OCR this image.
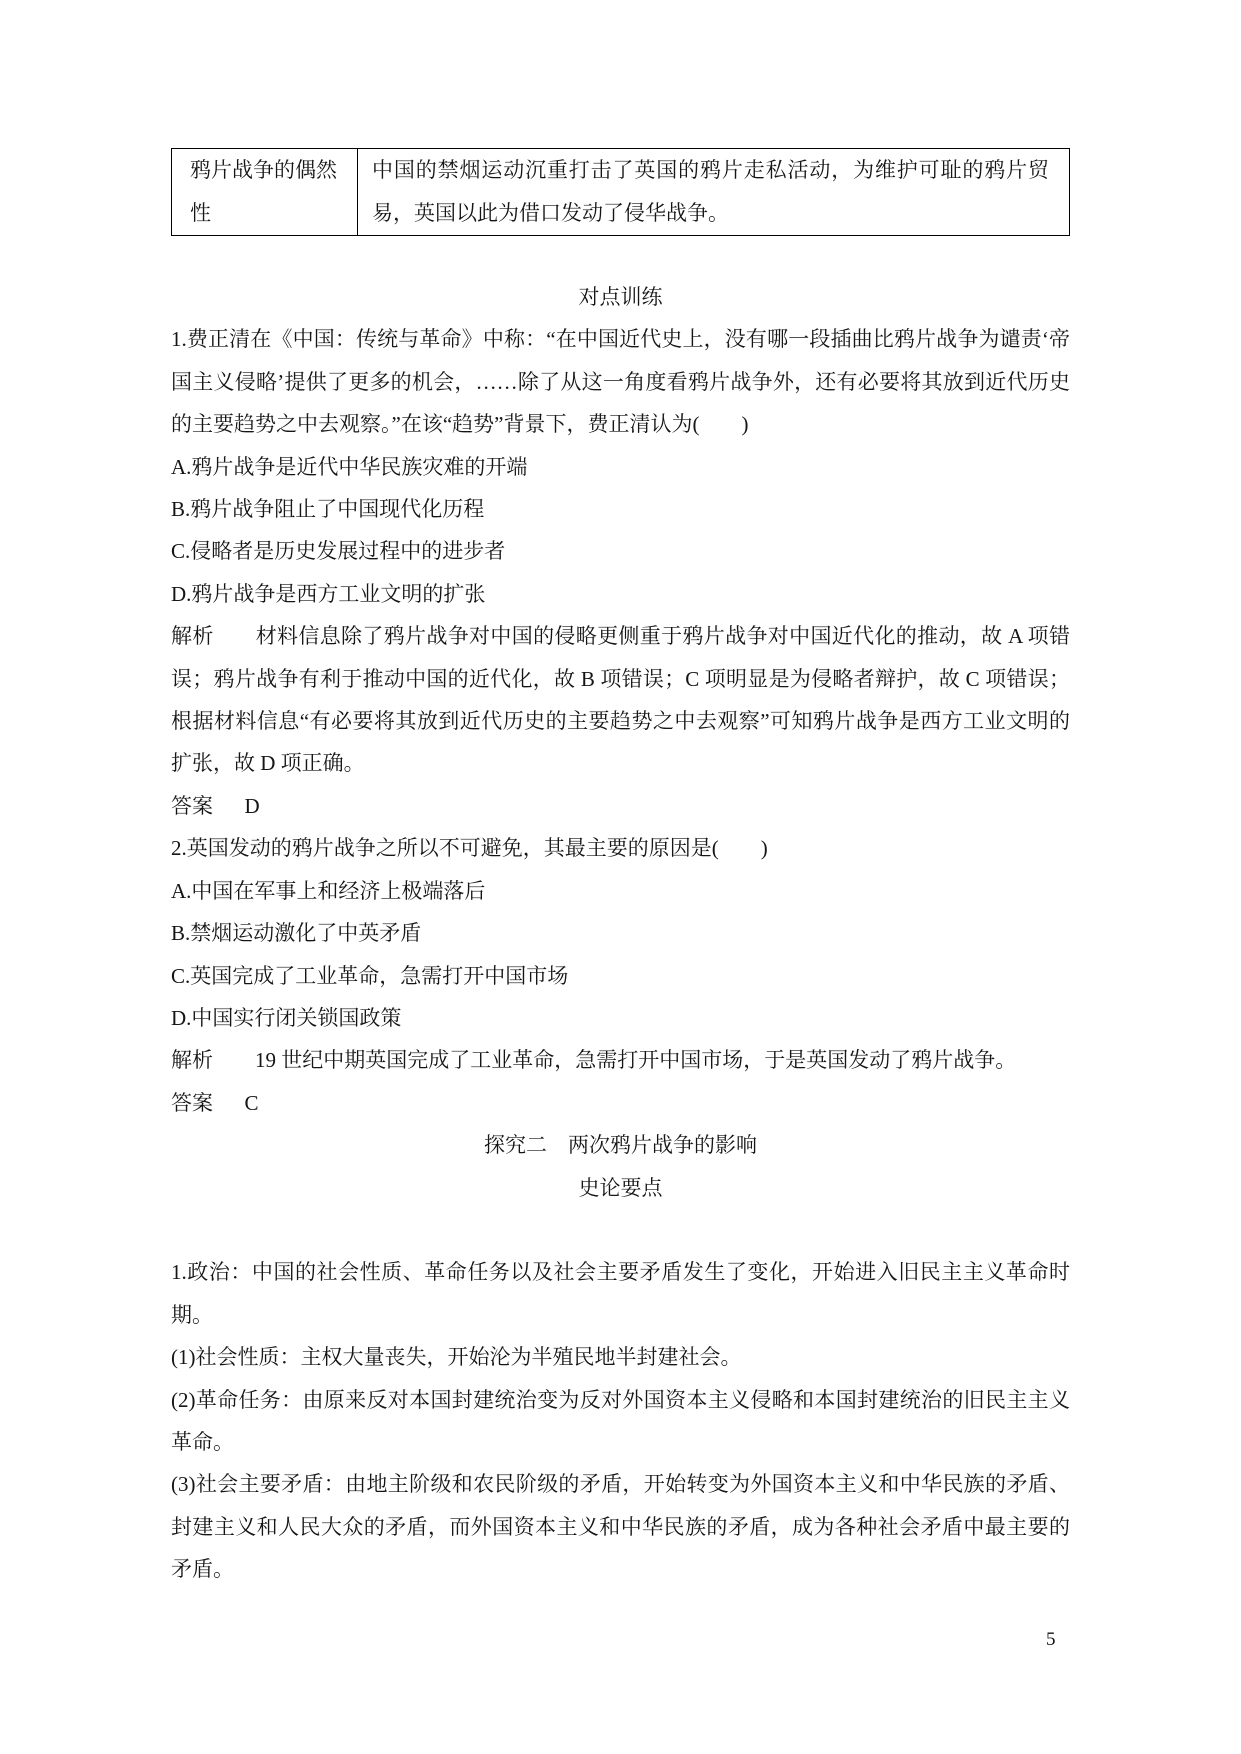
鸦片战争的偶然性	中国的禁烟运动沉重打击了英国的鸦片走私活动，为维护可耻的鸦片贸易，英国以此为借口发动了侵华战争。
对点训练

1.费正清在《中国：传统与革命》中称：“在中国近代史上，没有哪一段插曲比鸦片战争为谴责‘帝国主义侵略’提供了更多的机会，……除了从这一角度看鸦片战争外，还有必要将其放到近代历史的主要趋势之中去观察。”在该“趋势”背景下，费正清认为(　　)

A.鸦片战争是近代中华民族灾难的开端

B.鸦片战争阻止了中国现代化历程

C.侵略者是历史发展过程中的进步者

D.鸦片战争是西方工业文明的扩张

解析 材料信息除了鸦片战争对中国的侵略更侧重于鸦片战争对中国近代化的推动，故 A 项错误；鸦片战争有利于推动中国的近代化，故 B 项错误；C 项明显是为侵略者辩护，故 C 项错误；根据材料信息“有必要将其放到近代历史的主要趋势之中去观察”可知鸦片战争是西方工业文明的扩张，故 D 项正确。

答案 D

2.英国发动的鸦片战争之所以不可避免，其最主要的原因是(　　)

A.中国在军事上和经济上极端落后

B.禁烟运动激化了中英矛盾

C.英国完成了工业革命，急需打开中国市场

D.中国实行闭关锁国政策

解析 19 世纪中期英国完成了工业革命，急需打开中国市场，于是英国发动了鸦片战争。

答案 C

探究二　两次鸦片战争的影响
史论要点

1.政治：中国的社会性质、革命任务以及社会主要矛盾发生了变化，开始进入旧民主主义革命时期。

(1)社会性质：主权大量丧失，开始沦为半殖民地半封建社会。

(2)革命任务：由原来反对本国封建统治变为反对外国资本主义侵略和本国封建统治的旧民主主义革命。

(3)社会主要矛盾：由地主阶级和农民阶级的矛盾，开始转变为外国资本主义和中华民族的矛盾、封建主义和人民大众的矛盾，而外国资本主义和中华民族的矛盾，成为各种社会矛盾中最主要的矛盾。

5
